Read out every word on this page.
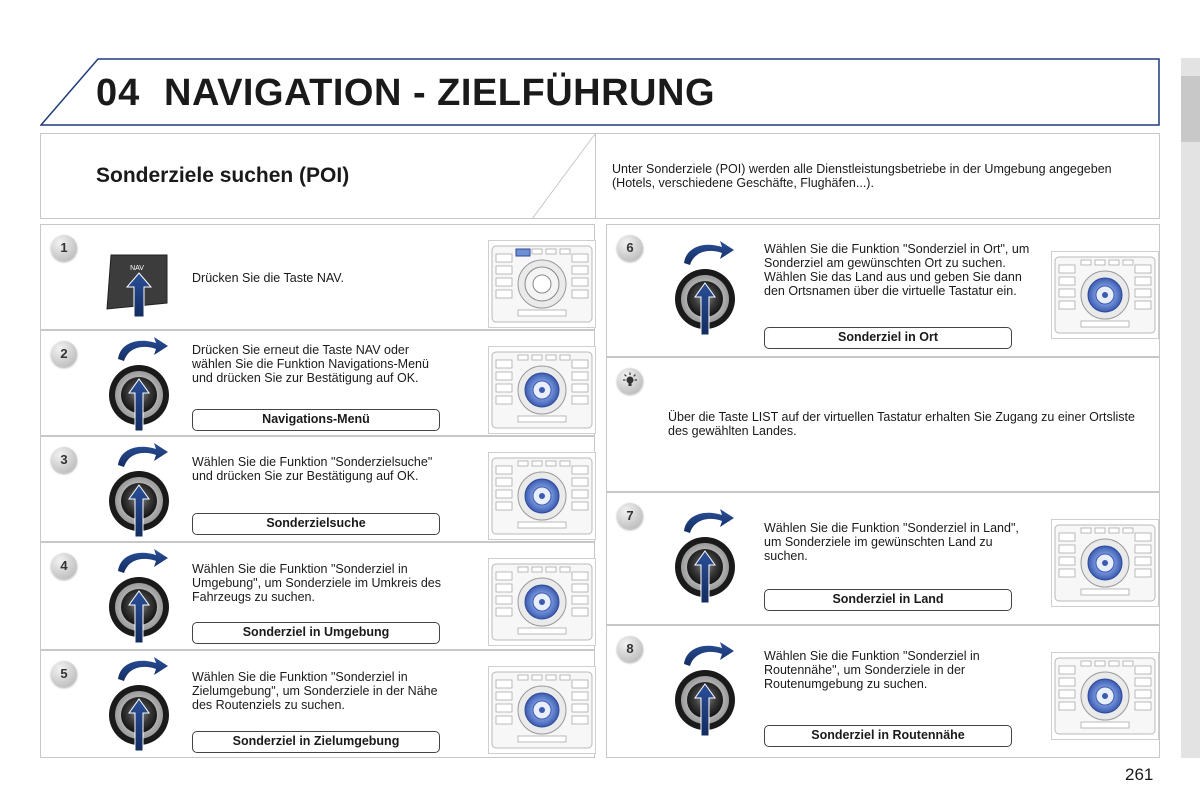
04 NAVIGATION - ZIELFÜHRUNG
Sonderziele suchen (POI)	Unter Sonderziele (POI) werden alle Dienstleistungsbetriebe in der Umgebung angegeben (Hotels, verschiedene Geschäfte, Flughäfen...).
1
NAV
Drücken Sie die Taste NAV.
2	Drücken Sie erneut die Taste NAV oder wählen Sie die Funktion Navigations-Menü und drücken Sie zur Bestätigung auf OK.
Navigations-Menü
3	Wählen Sie die Funktion "Sonderzielsuche" und drücken Sie zur Bestätigung auf OK.
Sonderzielsuche
4	Wählen Sie die Funktion "Sonderziel in Umgebung", um Sonderziele im Umkreis des Fahrzeugs zu suchen.
Sonderziel in Umgebung
5	Wählen Sie die Funktion "Sonderziel in Zielumgebung", um Sonderziele in der Nähe des Routenziels zu suchen.
Sonderziel in Zielumgebung
6	Wählen Sie die Funktion "Sonderziel in Ort", um Sonderziel am gewünschten Ort zu suchen. Wählen Sie das Land aus und geben Sie dann den Ortsnamen über die virtuelle Tastatur ein.
Sonderziel in Ort
Über die Taste LIST auf der virtuellen Tastatur erhalten Sie Zugang zu einer Ortsliste des gewählten Landes.
7
Wählen Sie die Funktion "Sonderziel in Land", um Sonderziele im gewünschten Land zu suchen.
Sonderziel in Land
8	Wählen Sie die Funktion "Sonderziel in Routennähe", um Sonderziele in der Routenumgebung zu suchen.
Sonderziel in Routennähe
261
